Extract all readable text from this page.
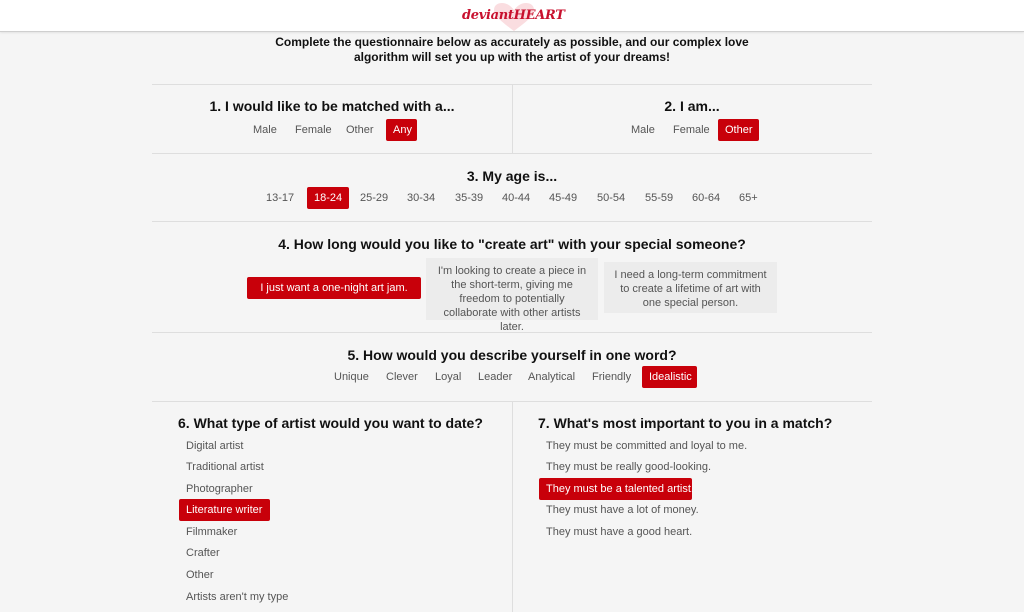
deviantHEART
Complete the questionnaire below as accurately as possible, and our complex love algorithm will set you up with the artist of your dreams!
1. I would like to be matched with a...
Male	Female	Other	Any
2. I am...
Male	Female	Other
3. My age is...
13-17	18-24	25-29	30-34	35-39	40-44	45-49	50-54	55-59	60-64	65+
4. How long would you like to "create art" with your special someone?
I just want a one-night art jam.
I'm looking to create a piece in the short-term, giving me freedom to potentially collaborate with other artists later.
I need a long-term commitment to create a lifetime of art with one special person.
5. How would you describe yourself in one word?
Unique	Clever	Loyal	Leader	Analytical	Friendly	Idealistic
6. What type of artist would you want to date?
Digital artist
Traditional artist
Photographer
Literature writer
Filmmaker
Crafter
Other
Artists aren't my type
7. What's most important to you in a match?
They must be committed and loyal to me.
They must be really good-looking.
They must be a talented artist.
They must have a lot of money.
They must have a good heart.
